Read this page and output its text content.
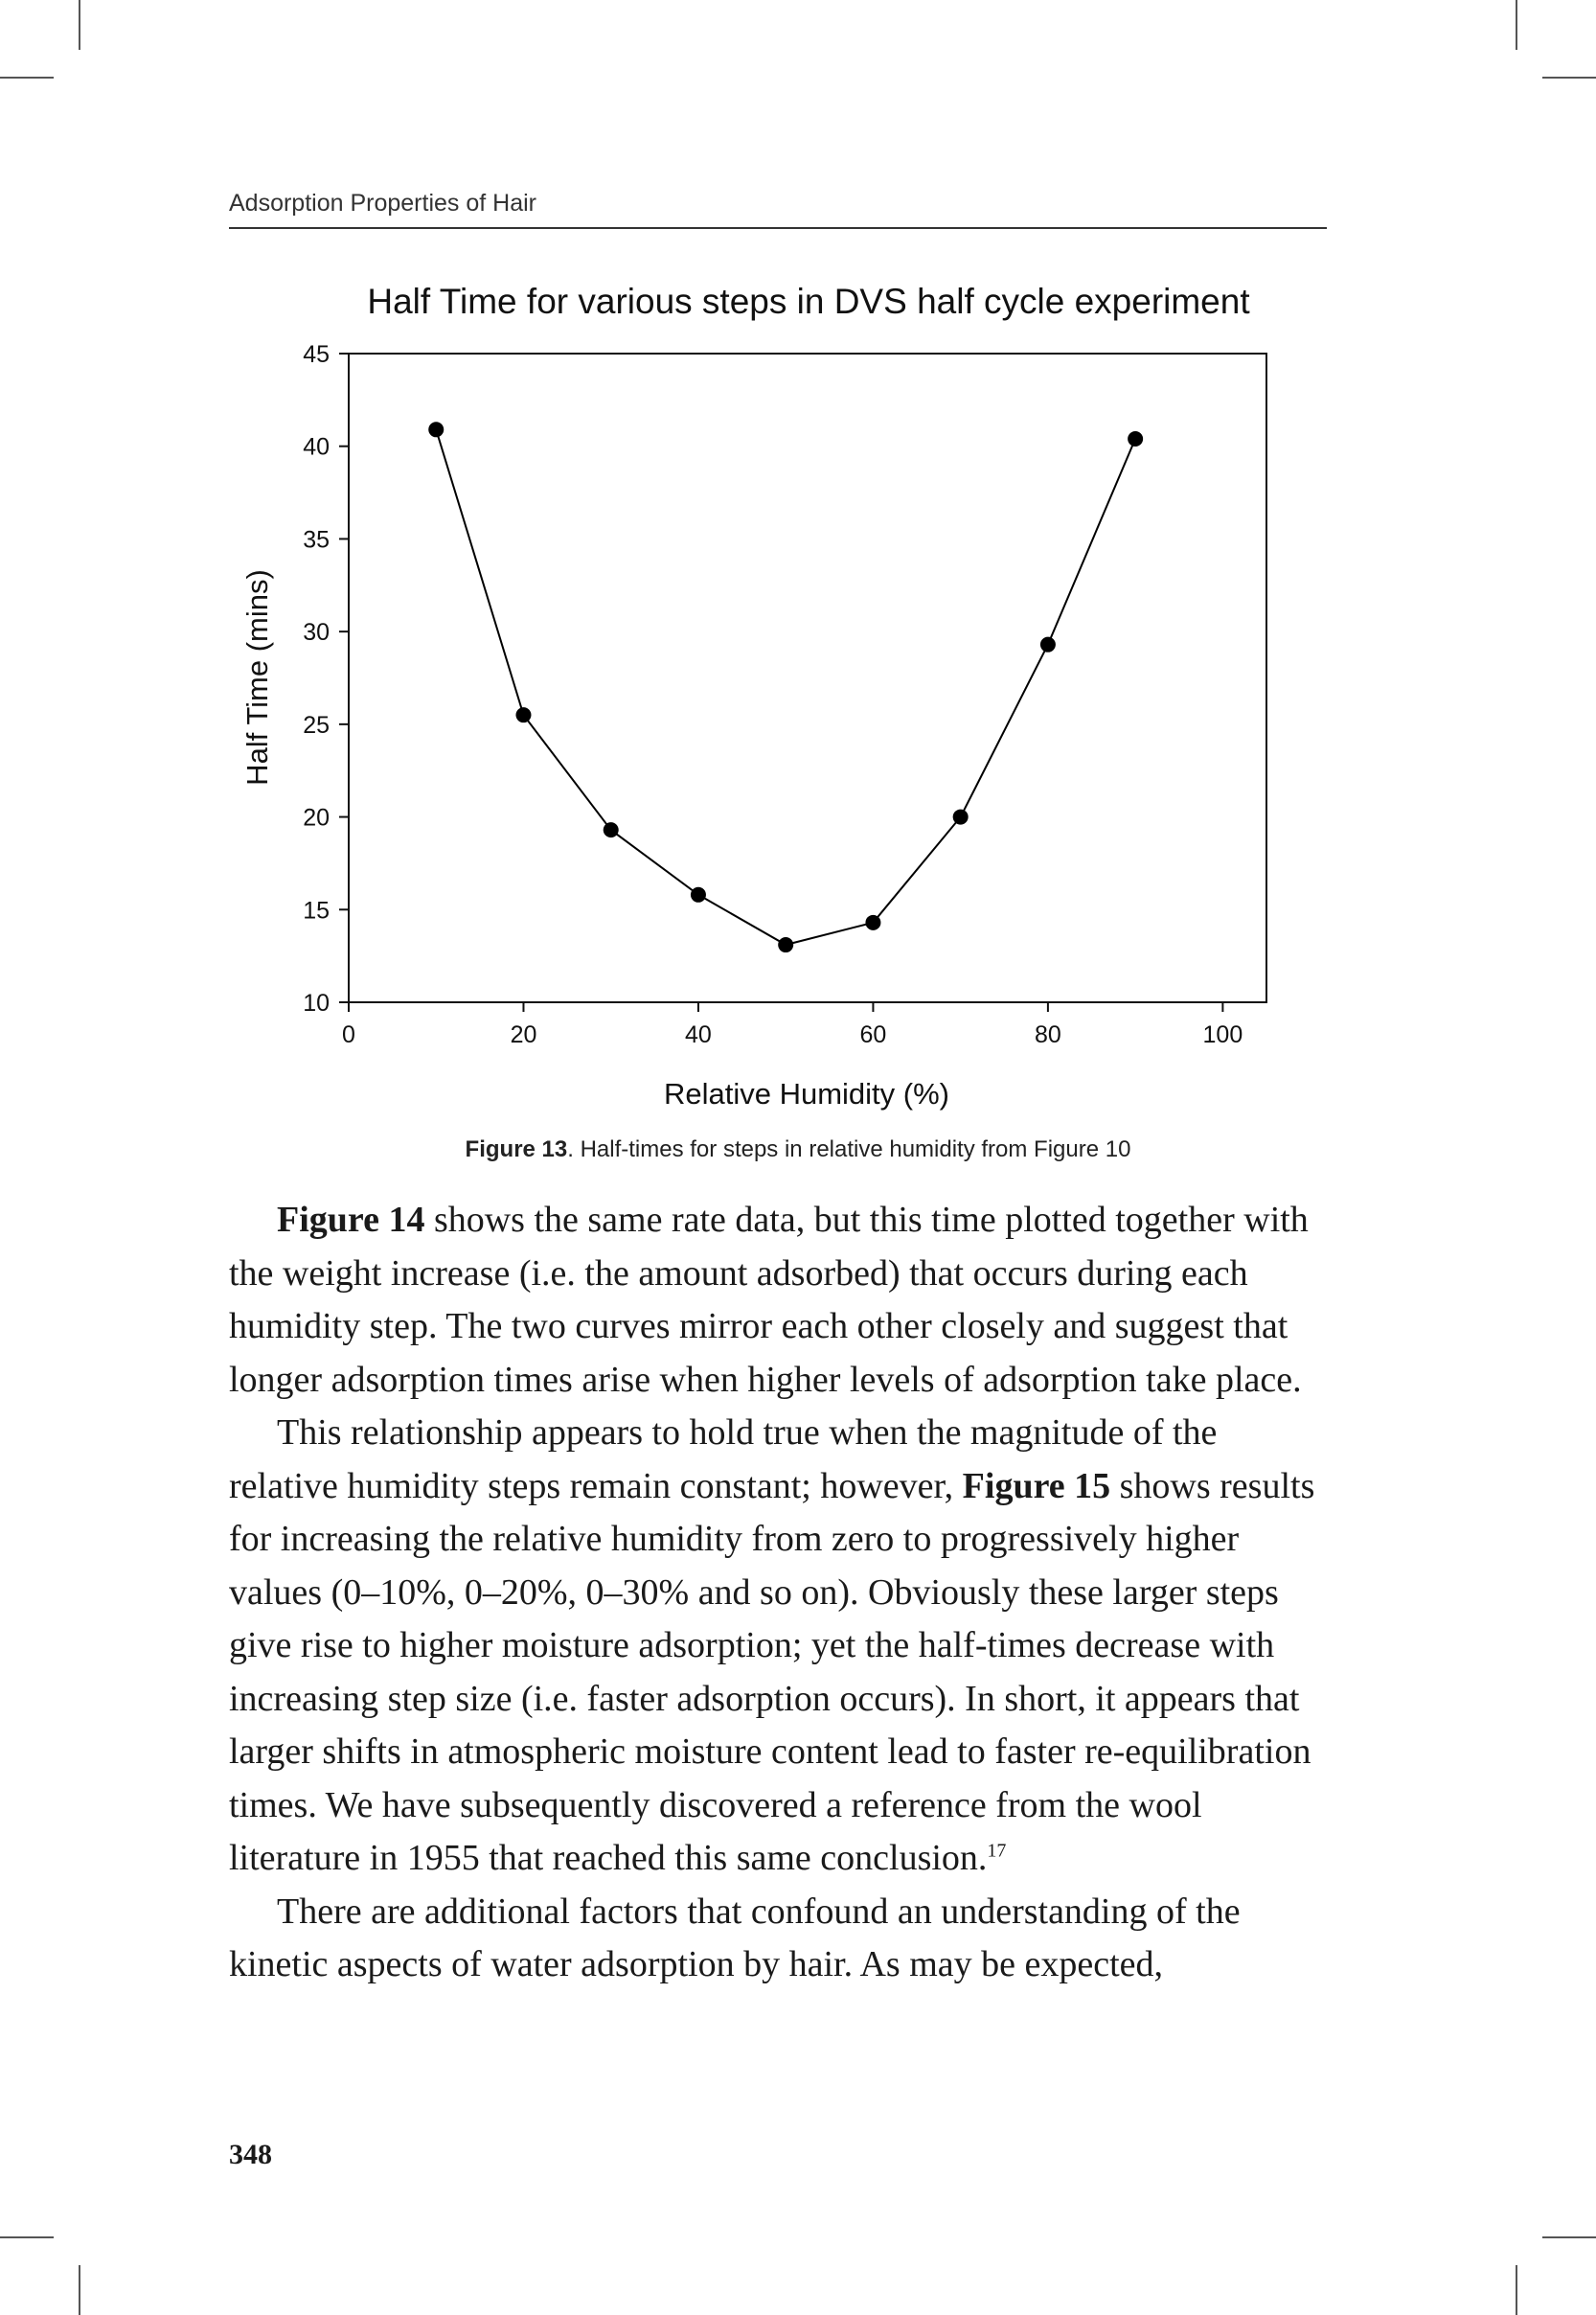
Adsorption Properties of Hair
Half Time for various steps in DVS half cycle experiment
10
15
20
25
30
35
40
45
0	20	40	60	80	100
Relative Humidity (%)
Half Time (mins)
Figure 13. Half-times for steps in relative humidity from Figure 10

Figure 14 shows the same rate data, but this time plotted together with the weight increase (i.e. the amount adsorbed) that occurs during each humidity step. The two curves mirror each other closely and suggest that longer adsorption times arise when higher levels of adsorption take place.

This relationship appears to hold true when the magnitude of the relative humidity steps remain constant; however, Figure 15 shows results for increasing the relative humidity from zero to progressively higher values (0–10%, 0–20%, 0–30% and so on). Obviously these larger steps give rise to higher moisture adsorption; yet the half-times decrease with increasing step size (i.e. faster adsorption occurs). In short, it appears that larger shifts in atmospheric moisture content lead to faster re-equilibration times. We have subsequently discovered a reference from the wool literature in 1955 that reached this same conclusion.$^{17}$

There are additional factors that confound an understanding of the kinetic aspects of water adsorption by hair. As may be expected,

348
